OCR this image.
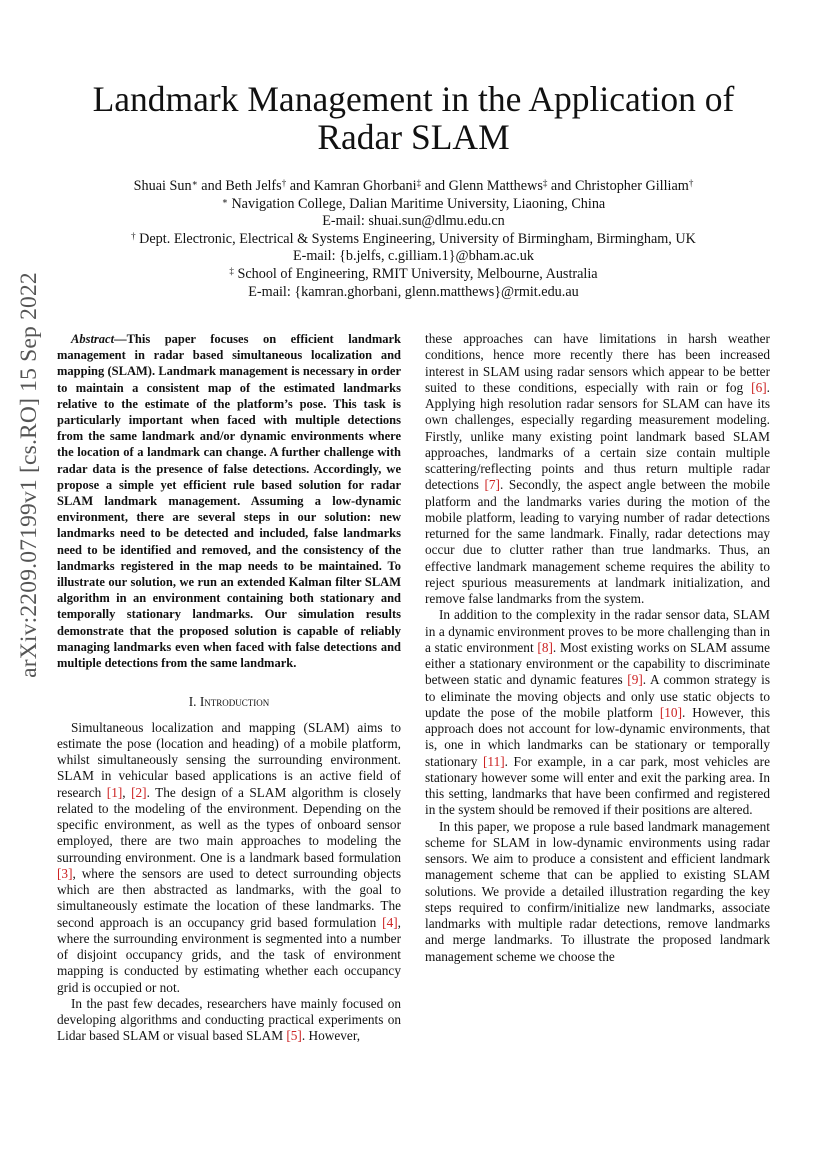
arXiv:2209.07199v1 [cs.RO] 15 Sep 2022
Landmark Management in the Application of Radar SLAM
Shuai Sun∗ and Beth Jelfs† and Kamran Ghorbani‡ and Glenn Matthews‡ and Christopher Gilliam†
∗ Navigation College, Dalian Maritime University, Liaoning, China
E-mail: shuai.sun@dlmu.edu.cn
† Dept. Electronic, Electrical & Systems Engineering, University of Birmingham, Birmingham, UK
E-mail: {b.jelfs, c.gilliam.1}@bham.ac.uk
‡ School of Engineering, RMIT University, Melbourne, Australia
E-mail: {kamran.ghorbani, glenn.matthews}@rmit.edu.au

Abstract—This paper focuses on efficient landmark management in radar based simultaneous localization and mapping (SLAM). Landmark management is necessary in order to maintain a consistent map of the estimated landmarks relative to the estimate of the platform’s pose. This task is particularly important when faced with multiple detections from the same landmark and/or dynamic environments where the location of a landmark can change. A further challenge with radar data is the presence of false detections. Accordingly, we propose a simple yet efficient rule based solution for radar SLAM landmark management. Assuming a low-dynamic environment, there are several steps in our solution: new landmarks need to be detected and included, false landmarks need to be identified and removed, and the consistency of the landmarks registered in the map needs to be maintained. To illustrate our solution, we run an extended Kalman filter SLAM algorithm in an environment containing both stationary and temporally stationary landmarks. Our simulation results demonstrate that the proposed solution is capable of reliably managing landmarks even when faced with false detections and multiple detections from the same landmark.

I. Introduction

Simultaneous localization and mapping (SLAM) aims to estimate the pose (location and heading) of a mobile platform, whilst simultaneously sensing the surrounding environment. SLAM in vehicular based applications is an active field of research [1], [2]. The design of a SLAM algorithm is closely related to the modeling of the environment. Depending on the specific environment, as well as the types of onboard sensor employed, there are two main approaches to modeling the surrounding environment. One is a landmark based formulation [3], where the sensors are used to detect surrounding objects which are then abstracted as landmarks, with the goal to simultaneously estimate the location of these landmarks. The second approach is an occupancy grid based formulation [4], where the surrounding environment is segmented into a number of disjoint occupancy grids, and the task of environment mapping is conducted by estimating whether each occupancy grid is occupied or not.

In the past few decades, researchers have mainly focused on developing algorithms and conducting practical experiments on Lidar based SLAM or visual based SLAM [5]. However,

these approaches can have limitations in harsh weather conditions, hence more recently there has been increased interest in SLAM using radar sensors which appear to be better suited to these conditions, especially with rain or fog [6]. Applying high resolution radar sensors for SLAM can have its own challenges, especially regarding measurement modeling. Firstly, unlike many existing point landmark based SLAM approaches, landmarks of a certain size contain multiple scattering/reflecting points and thus return multiple radar detections [7]. Secondly, the aspect angle between the mobile platform and the landmarks varies during the motion of the mobile platform, leading to varying number of radar detections returned for the same landmark. Finally, radar detections may occur due to clutter rather than true landmarks. Thus, an effective landmark management scheme requires the ability to reject spurious measurements at landmark initialization, and remove false landmarks from the system.

In addition to the complexity in the radar sensor data, SLAM in a dynamic environment proves to be more challenging than in a static environment [8]. Most existing works on SLAM assume either a stationary environment or the capability to discriminate between static and dynamic features [9]. A common strategy is to eliminate the moving objects and only use static objects to update the pose of the mobile platform [10]. However, this approach does not account for low-dynamic environments, that is, one in which landmarks can be stationary or temporally stationary [11]. For example, in a car park, most vehicles are stationary however some will enter and exit the parking area. In this setting, landmarks that have been confirmed and registered in the system should be removed if their positions are altered.

In this paper, we propose a rule based landmark management scheme for SLAM in low-dynamic environments using radar sensors. We aim to produce a consistent and efficient landmark management scheme that can be applied to existing SLAM solutions. We provide a detailed illustration regarding the key steps required to confirm/initialize new landmarks, associate landmarks with multiple radar detections, remove landmarks and merge landmarks. To illustrate the proposed landmark management scheme we choose the
